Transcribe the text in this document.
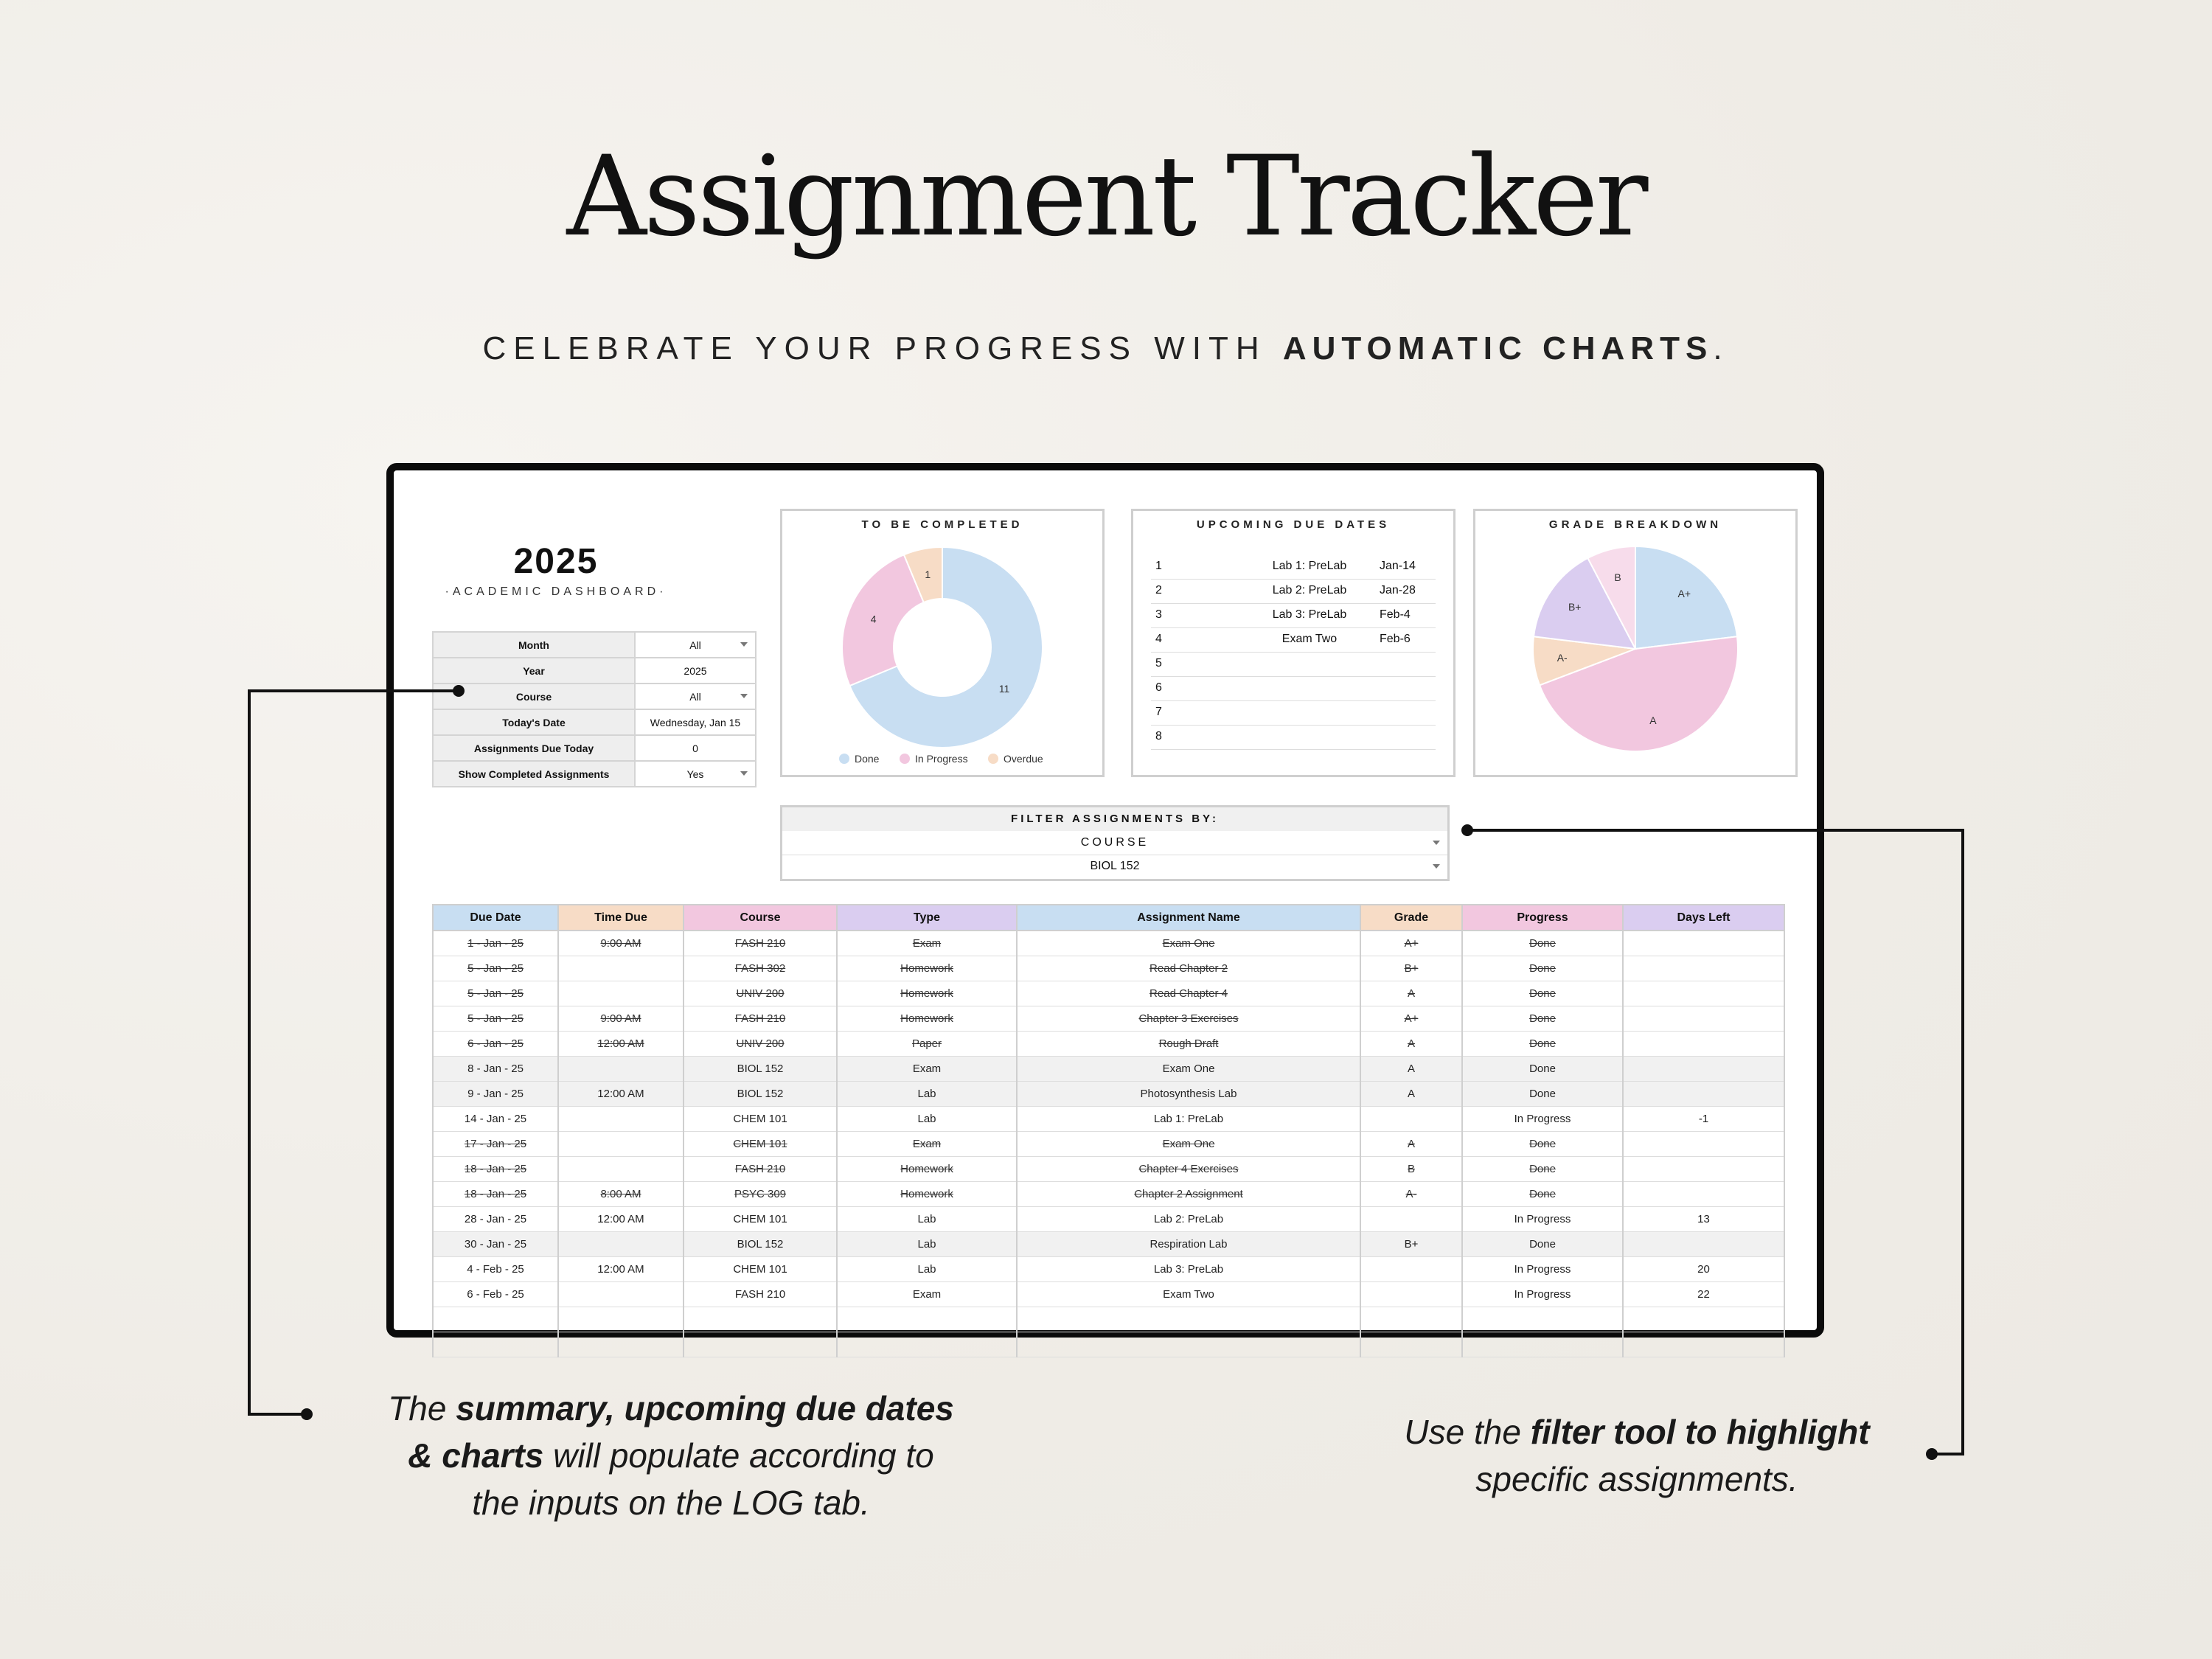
Assignment Tracker
CELEBRATE YOUR PROGRESS WITH AUTOMATIC CHARTS.
2025
·ACADEMIC DASHBOARD·
Month	All
Year	2025
Course	All
Today's Date	Wednesday, Jan 15
Assignments Due Today	0
Show Completed Assignments	Yes
TO BE COMPLETED
11
4
1
Done	In Progress	Overdue
UPCOMING DUE DATES
1	Lab 1: PreLab	Jan-14
2	Lab 2: PreLab	Jan-28
3	Lab 3: PreLab	Feb-4
4	Exam Two	Feb-6
5
6
7
8
GRADE BREAKDOWN
A+
A
A-
B+
B
FILTER ASSIGNMENTS BY:
COURSE
BIOL 152
Due Date	Time Due	Course	Type	Assignment Name	Grade	Progress	Days Left
1 - Jan - 25	9:00 AM	FASH 210	Exam	Exam One	A+	Done	
5 - Jan - 25		FASH 302	Homework	Read Chapter 2	B+	Done	
5 - Jan - 25		UNIV 200	Homework	Read Chapter 4	A	Done	
5 - Jan - 25	9:00 AM	FASH 210	Homework	Chapter 3 Exercises	A+	Done	
6 - Jan - 25	12:00 AM	UNIV 200	Paper	Rough Draft	A	Done	
8 - Jan - 25		BIOL 152	Exam	Exam One	A	Done	
9 - Jan - 25	12:00 AM	BIOL 152	Lab	Photosynthesis Lab	A	Done	
14 - Jan - 25		CHEM 101	Lab	Lab 1: PreLab		In Progress	-1
17 - Jan - 25		CHEM 101	Exam	Exam One	A	Done	
18 - Jan - 25		FASH 210	Homework	Chapter 4 Exercises	B	Done	
18 - Jan - 25	8:00 AM	PSYC 309	Homework	Chapter 2 Assignment	A-	Done	
28 - Jan - 25	12:00 AM	CHEM 101	Lab	Lab 2: PreLab		In Progress	13
30 - Jan - 25		BIOL 152	Lab	Respiration Lab	B+	Done	
4 - Feb - 25	12:00 AM	CHEM 101	Lab	Lab 3: PreLab		In Progress	20
6 - Feb - 25		FASH 210	Exam	Exam Two		In Progress	22

The summary, upcoming due dates
& charts will populate according to
the inputs on the LOG tab.
Use the filter tool to highlight
specific assignments.
